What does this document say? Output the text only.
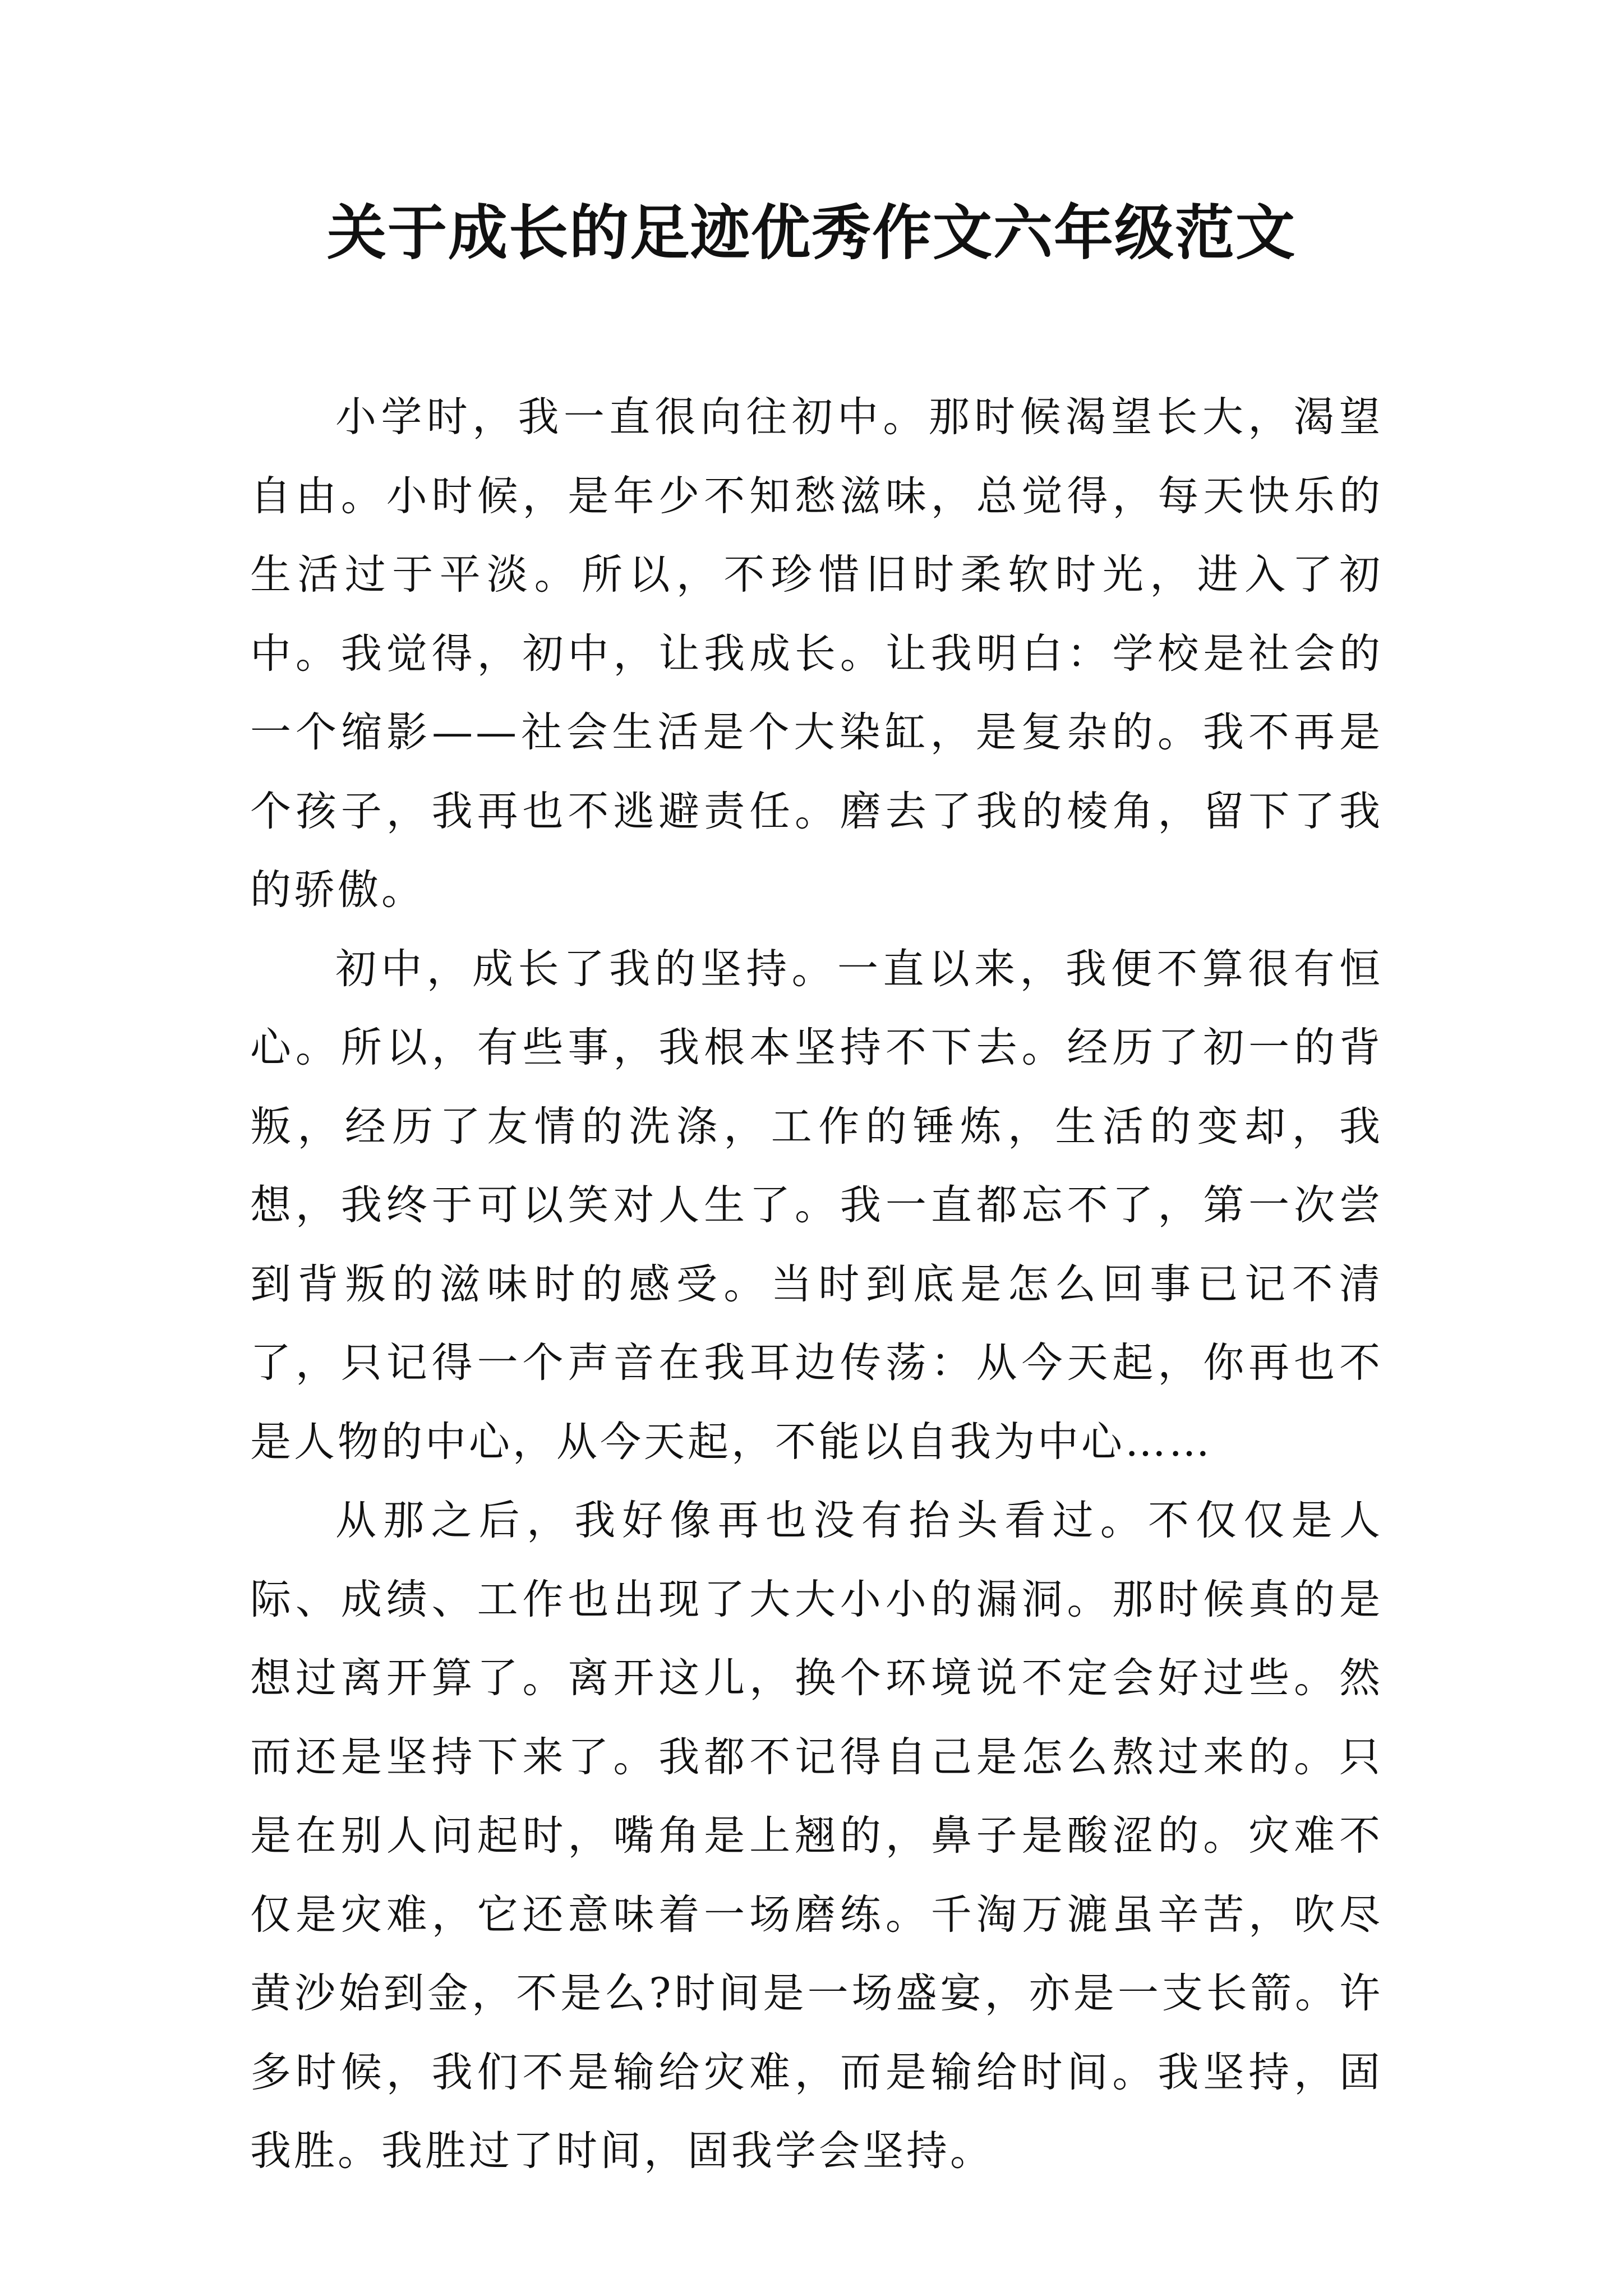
关于成长的足迹优秀作文六年级范文

小学时，我一直很向往初中。那时候渴望长大，渴望自由。小时候，是年少不知愁滋味，总觉得，每天快乐的生活过于平淡。所以，不珍惜旧时柔软时光，进入了初中。我觉得，初中，让我成长。让我明白：学校是社会的一个缩影——社会生活是个大染缸，是复杂的。我不再是个孩子，我再也不逃避责任。磨去了我的棱角，留下了我的骄傲。

初中，成长了我的坚持。一直以来，我便不算很有恒心。所以，有些事，我根本坚持不下去。经历了初一的背叛，经历了友情的洗涤，工作的锤炼，生活的变却，我想，我终于可以笑对人生了。我一直都忘不了，第一次尝到背叛的滋味时的感受。当时到底是怎么回事已记不清了，只记得一个声音在我耳边传荡：从今天起，你再也不是人物的中心，从今天起，不能以自我为中心……

从那之后，我好像再也没有抬头看过。不仅仅是人际、成绩、工作也出现了大大小小的漏洞。那时候真的是想过离开算了。离开这儿，换个环境说不定会好过些。然而还是坚持下来了。我都不记得自己是怎么熬过来的。只是在别人问起时，嘴角是上翘的，鼻子是酸涩的。灾难不仅是灾难，它还意味着一场磨练。千淘万漉虽辛苦，吹尽黄沙始到金，不是么?时间是一场盛宴，亦是一支长箭。许多时候，我们不是输给灾难，而是输给时间。我坚持，固我胜。我胜过了时间，固我学会坚持。
